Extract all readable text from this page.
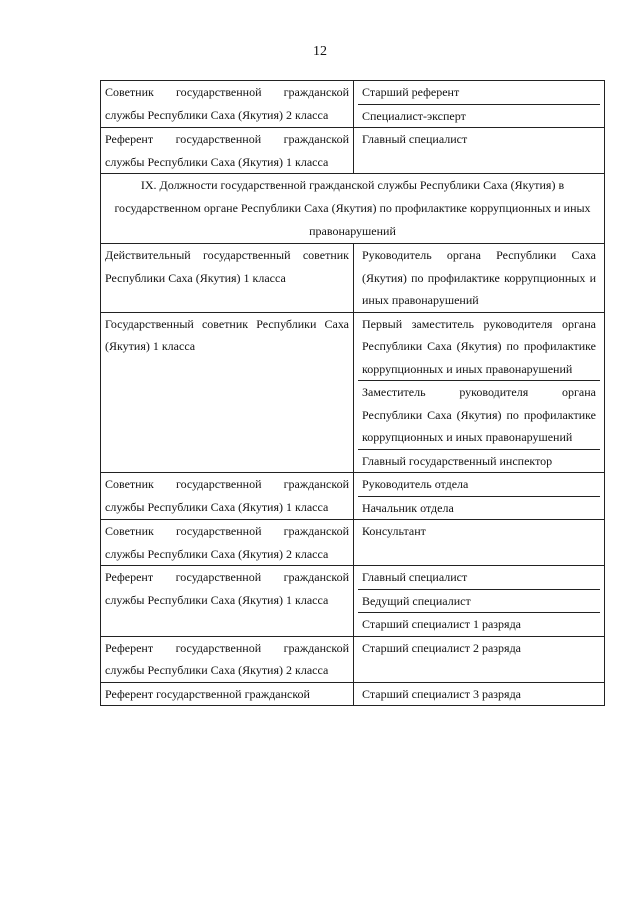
12
Советник государственной гражданской службы Республики Саха (Якутия) 2 класса	Старший референт
Специалист-эксперт

Референт государственной гражданской службы Республики Саха (Якутия) 1 класса	Главный специалист

IX. Должности государственной гражданской службы Республики Саха (Якутия) в государственном органе Республики Саха (Якутия) по профилактике коррупционных и иных правонарушений	

Действительный государственный советник Республики Саха (Якутия) 1 класса	Руководитель органа Республики Саха (Якутия) по профилактике коррупционных и иных правонарушений

Государственный советник Республики Саха (Якутия) 1 класса	Первый заместитель руководителя органа Республики Саха (Якутия) по профилактике коррупционных и иных правонарушений
Заместитель руководителя органа Республики Саха (Якутия) по профилактике коррупционных и иных правонарушений
Главный государственный инспектор

Советник государственной гражданской службы Республики Саха (Якутия) 1 класса	Руководитель отдела
Начальник отдела

Советник государственной гражданской службы Республики Саха (Якутия) 2 класса	Консультант

Референт государственной гражданской службы Республики Саха (Якутия) 1 класса	Главный специалист
Ведущий специалист
Старший специалист 1 разряда

Референт государственной гражданской службы Республики Саха (Якутия) 2 класса	Старший специалист 2 разряда

Референт государственной гражданской	Старший специалист 3 разряда
